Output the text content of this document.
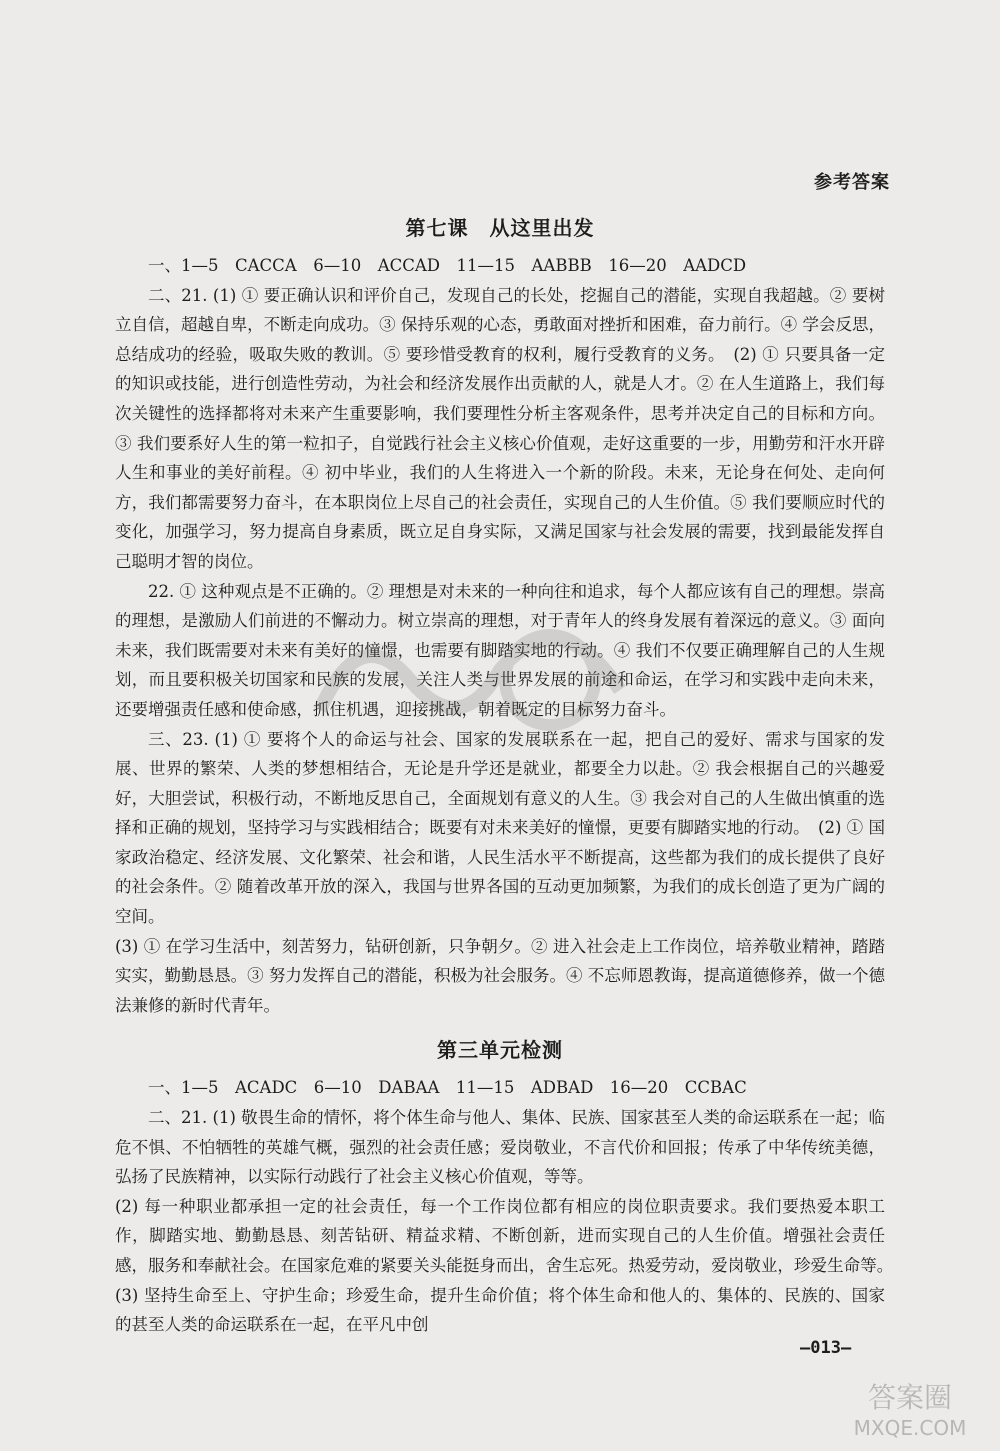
参考答案
第七课　从这里出发

一、1—5　CACCA　6—10　ACCAD　11—15　AABBB　16—20　AADCD

二、21. (1) ① 要正确认识和评价自己，发现自己的长处，挖掘自己的潜能，实现自我超越。② 要树立自信，超越自卑，不断走向成功。③ 保持乐观的心态，勇敢面对挫折和困难，奋力前行。④ 学会反思，总结成功的经验，吸取失败的教训。⑤ 要珍惜受教育的权利，履行受教育的义务。　(2) ① 只要具备一定的知识或技能，进行创造性劳动，为社会和经济发展作出贡献的人，就是人才。② 在人生道路上，我们每次关键性的选择都将对未来产生重要影响，我们要理性分析主客观条件，思考并决定自己的目标和方向。③ 我们要系好人生的第一粒扣子，自觉践行社会主义核心价值观，走好这重要的一步，用勤劳和汗水开辟人生和事业的美好前程。④ 初中毕业，我们的人生将进入一个新的阶段。未来，无论身在何处、走向何方，我们都需要努力奋斗，在本职岗位上尽自己的社会责任，实现自己的人生价值。⑤ 我们要顺应时代的变化，加强学习，努力提高自身素质，既立足自身实际，又满足国家与社会发展的需要，找到最能发挥自己聪明才智的岗位。

22. ① 这种观点是不正确的。② 理想是对未来的一种向往和追求，每个人都应该有自己的理想。崇高的理想，是激励人们前进的不懈动力。树立崇高的理想，对于青年人的终身发展有着深远的意义。③ 面向未来，我们既需要对未来有美好的憧憬，也需要有脚踏实地的行动。④ 我们不仅要正确理解自己的人生规划，而且要积极关切国家和民族的发展，关注人类与世界发展的前途和命运，在学习和实践中走向未来，还要增强责任感和使命感，抓住机遇，迎接挑战，朝着既定的目标努力奋斗。

三、23. (1) ① 要将个人的命运与社会、国家的发展联系在一起，把自己的爱好、需求与国家的发展、世界的繁荣、人类的梦想相结合，无论是升学还是就业，都要全力以赴。② 我会根据自己的兴趣爱好，大胆尝试，积极行动，不断地反思自己，全面规划有意义的人生。③ 我会对自己的人生做出慎重的选择和正确的规划，坚持学习与实践相结合；既要有对未来美好的憧憬，更要有脚踏实地的行动。　(2) ① 国家政治稳定、经济发展、文化繁荣、社会和谐，人民生活水平不断提高，这些都为我们的成长提供了良好的社会条件。② 随着改革开放的深入，我国与世界各国的互动更加频繁，为我们的成长创造了更为广阔的空间。

(3) ① 在学习生活中，刻苦努力，钻研创新，只争朝夕。② 进入社会走上工作岗位，培养敬业精神，踏踏实实，勤勤恳恳。③ 努力发挥自己的潜能，积极为社会服务。④ 不忘师恩教诲，提高道德修养，做一个德法兼修的新时代青年。

第三单元检测

一、1—5　ACADC　6—10　DABAA　11—15　ADBAD　16—20　CCBAC

二、21. (1) 敬畏生命的情怀，将个体生命与他人、集体、民族、国家甚至人类的命运联系在一起；临危不惧、不怕牺牲的英雄气概，强烈的社会责任感；爱岗敬业，不言代价和回报；传承了中华传统美德，弘扬了民族精神，以实际行动践行了社会主义核心价值观，等等。

(2) 每一种职业都承担一定的社会责任，每一个工作岗位都有相应的岗位职责要求。我们要热爱本职工作，脚踏实地、勤勤恳恳、刻苦钻研、精益求精、不断创新，进而实现自己的人生价值。增强社会责任感，服务和奉献社会。在国家危难的紧要关头能挺身而出，舍生忘死。热爱劳动，爱岗敬业，珍爱生命等。　(3) 坚持生命至上、守护生命；珍爱生命，提升生命价值；将个体生命和他人的、集体的、民族的、国家的甚至人类的命运联系在一起，在平凡中创

—013—
答案圈
MXQE.COM
